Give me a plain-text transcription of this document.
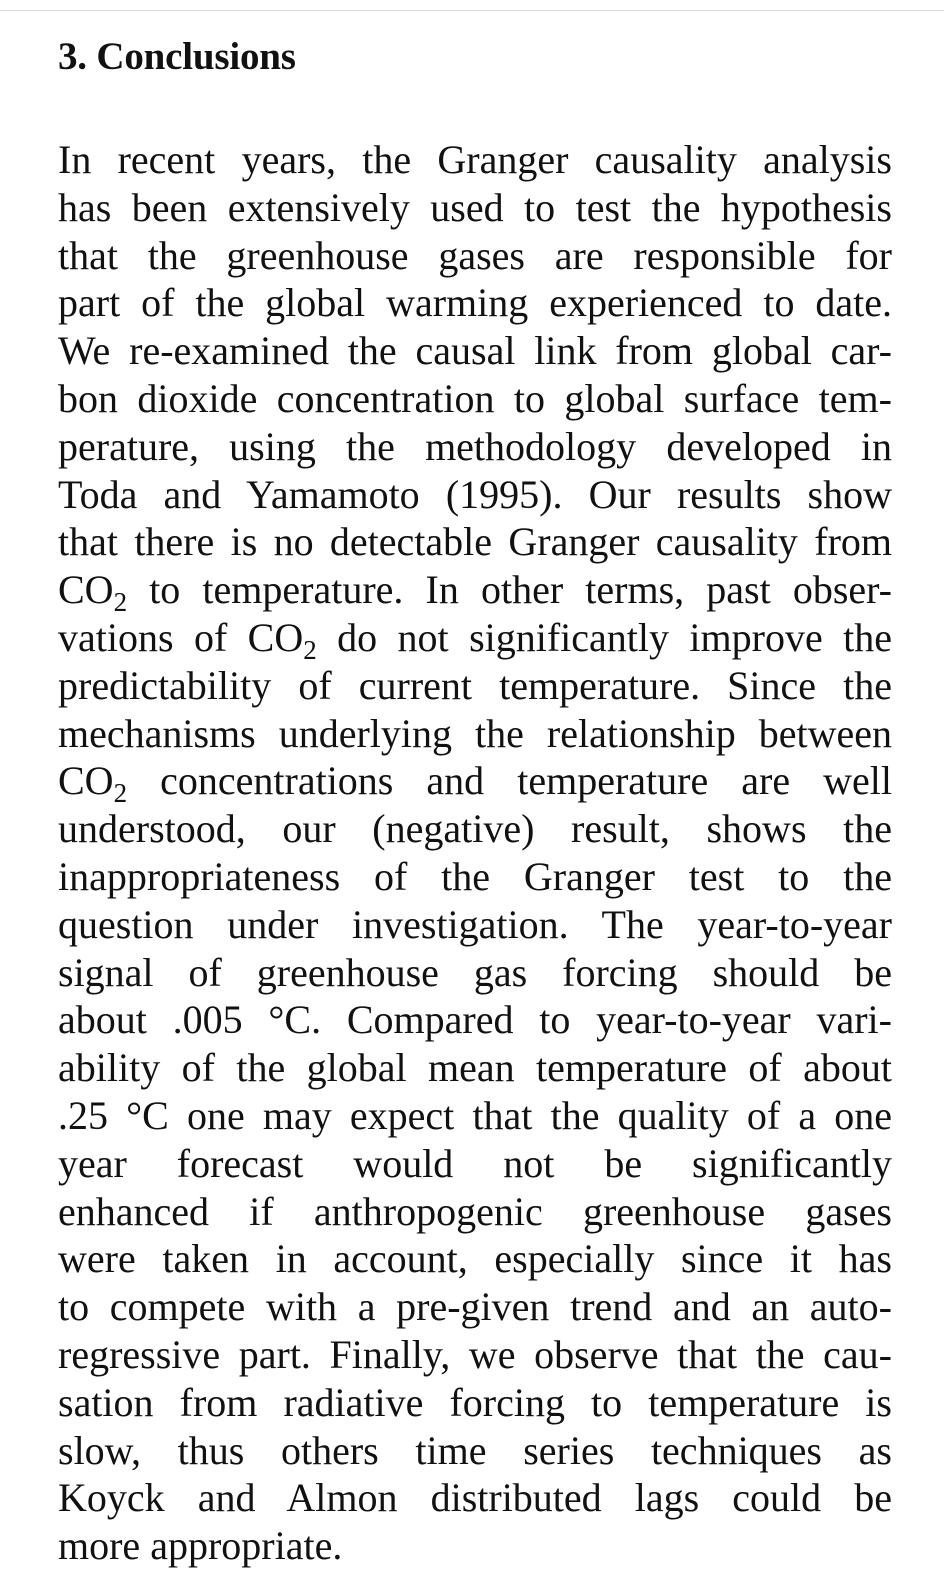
3. Conclusions
In recent years, the Granger causality analysis
has been extensively used to test the hypothesis
that the greenhouse gases are responsible for
part of the global warming experienced to date.
We re-examined the causal link from global car-
bon dioxide concentration to global surface tem-
perature, using the methodology developed in
Toda and Yamamoto (1995). Our results show
that there is no detectable Granger causality from
$CO_2$ to temperature. In other terms, past obser-
vations of $CO_2$ do not significantly improve the
predictability of current temperature. Since the
mechanisms underlying the relationship between
$CO_2$ concentrations and temperature are well
understood, our (negative) result, shows the
inappropriateness of the Granger test to the
question under investigation. The year-to-year
signal of greenhouse gas forcing should be
about .005 °C. Compared to year-to-year vari-
ability of the global mean temperature of about
.25 °C one may expect that the quality of a one
year forecast would not be significantly
enhanced if anthropogenic greenhouse gases
were taken in account, especially since it has
to compete with a pre-given trend and an auto-
regressive part. Finally, we observe that the cau-
sation from radiative forcing to temperature is
slow, thus others time series techniques as
Koyck and Almon distributed lags could be
more appropriate.
